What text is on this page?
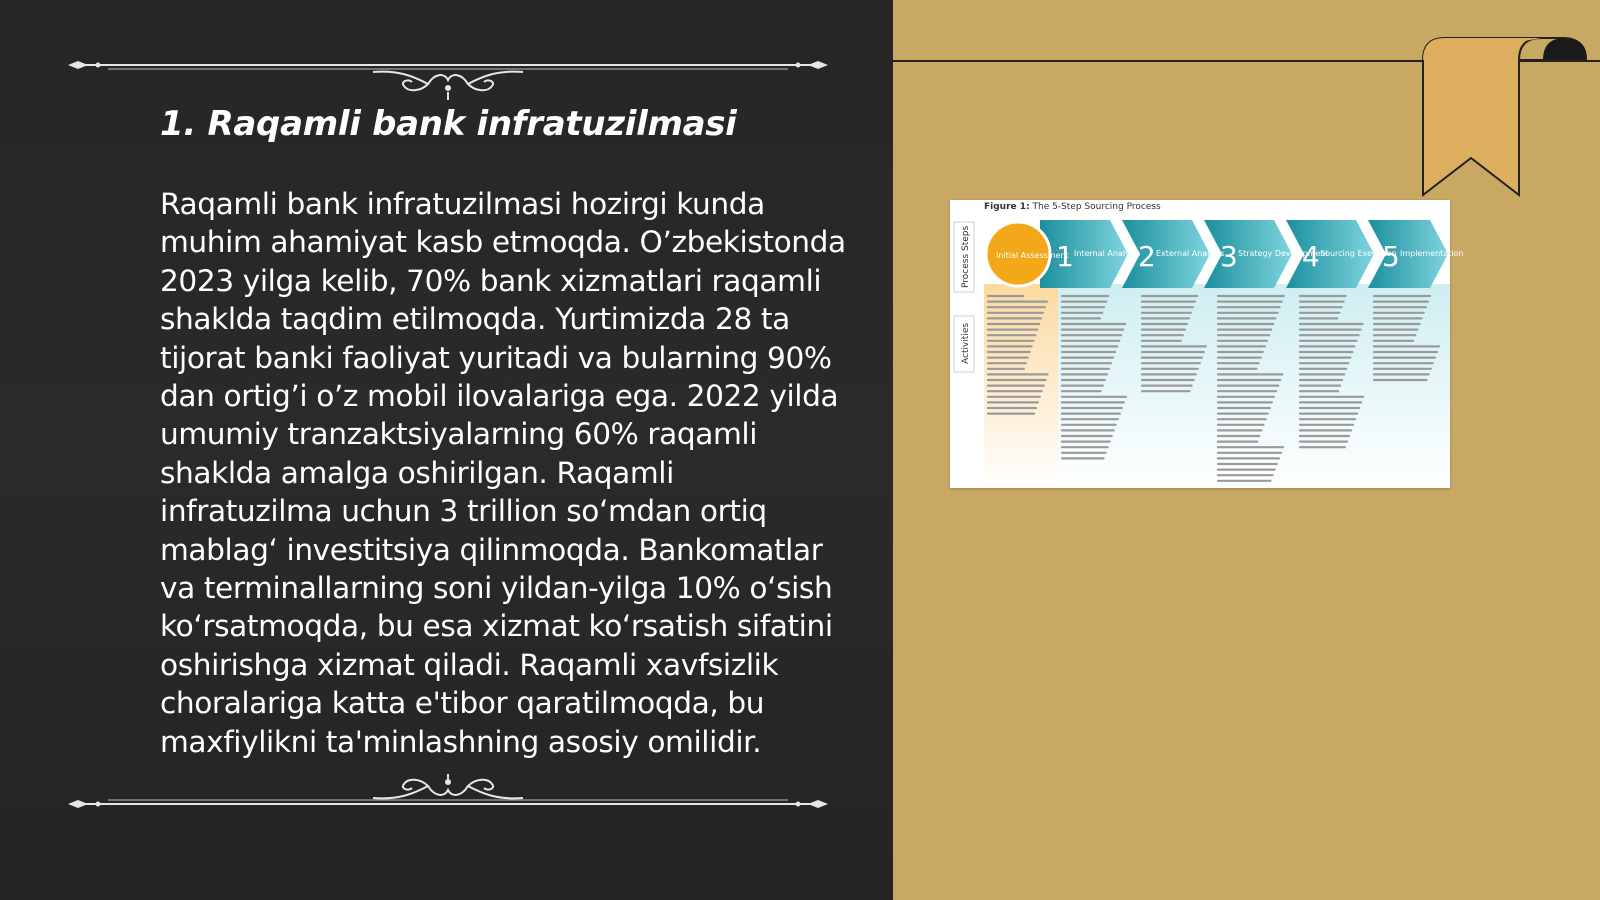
1. Raqamli bank infratuzilmasi

Raqamli bank infratuzilmasi hozirgi kunda muhim ahamiyat kasb etmoqda. O’zbekistonda 2023 yilga kelib, 70% bank xizmatlari raqamli shaklda taqdim etilmoqda. Yurtimizda 28 ta tijorat banki faoliyat yuritadi va bularning 90% dan ortig’i o’z mobil ilovalariga ega. 2022 yilda umumiy tranzaktsiyalarning 60% raqamli shaklda amalga oshirilgan. Raqamli infratuzilma uchun 3 trillion so‘mdan ortiq mablag‘ investitsiya qilinmoqda. Bankomatlar va terminallarning soni yildan-yilga 10% o‘sish ko‘rsatmoqda, bu esa xizmat ko‘rsatish sifatini oshirishga xizmat qiladi. Raqamli xavfsizlik choralariga katta e'tibor qaratilmoqda, bu maxfiylikni ta'minlashning asosiy omilidir.

Figure 1: The 5-Step Sourcing Process
Process Steps
Activities
Initial Assessment
1 Internal Analysis
2 External Analysis
3 Strategy Development
4 Sourcing Execution
5 Implementation
